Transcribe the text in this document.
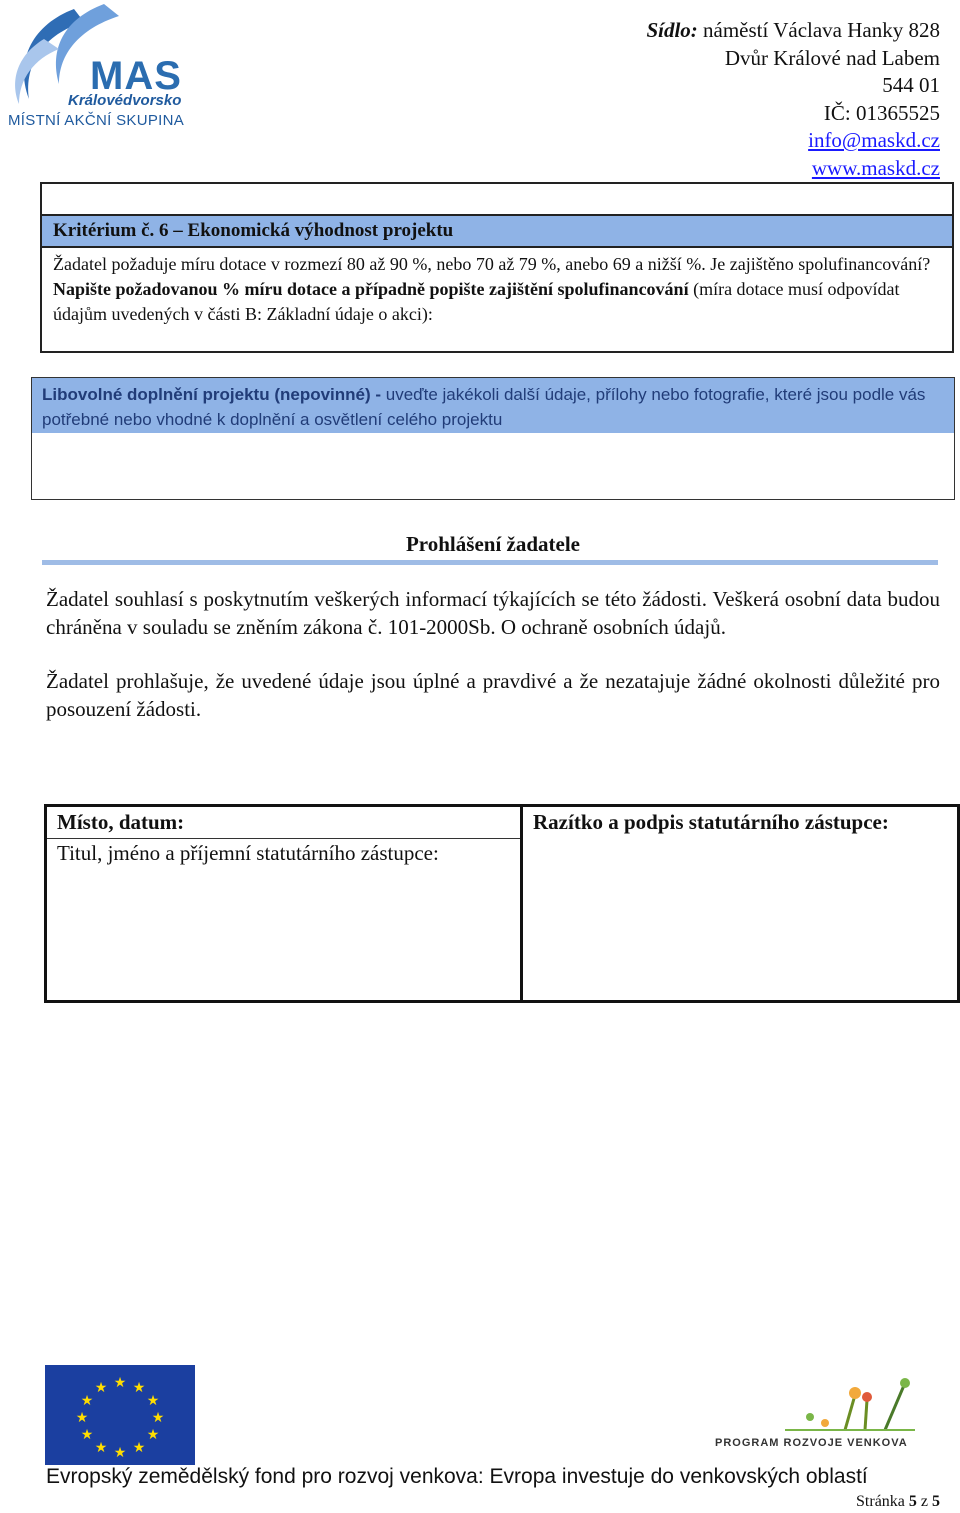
MAS
Královédvorsko
MÍSTNÍ AKČNÍ SKUPINA
Sídlo: náměstí Václava Hanky 828
Dvůr Králové nad Labem
544 01
IČ: 01365525
info@maskd.cz
www.maskd.cz
Kritérium č. 6 – Ekonomická výhodnost projektu
Žadatel požaduje míru dotace v rozmezí 80 až 90 %, nebo 70 až 79 %, anebo 69 a nižší %. Je zajištěno spolufinancování? Napište požadovanou % míru dotace a případně popište zajištění spolufinancování (míra dotace musí odpovídat údajům uvedených v části B: Základní údaje o akci):
Libovolné doplnění projektu (nepovinné) - uveďte jakékoli další údaje, přílohy nebo fotografie, které jsou podle vás potřebné nebo vhodné k doplnění a osvětlení celého projektu
Prohlášení žadatele
Žadatel souhlasí s poskytnutím veškerých informací týkajících se této žádosti. Veškerá osobní data budou chráněna v souladu se zněním zákona č. 101-2000Sb. O ochraně osobních údajů.
Žadatel prohlašuje, že uvedené údaje jsou úplné a pravdivé a že nezatajuje žádné okolnosti důležité pro posouzení žádosti.
Místo, datum:
Titul, jméno a příjemní statutárního zástupce:
Razítko a podpis statutárního zástupce:
★ ★
★
★
★
★
★
★
★
★
★
★
PROGRAM ROZVOJE VENKOVA
Evropský zemědělský fond pro rozvoj venkova: Evropa investuje do venkovských oblastí
Stránka 5 z 5
